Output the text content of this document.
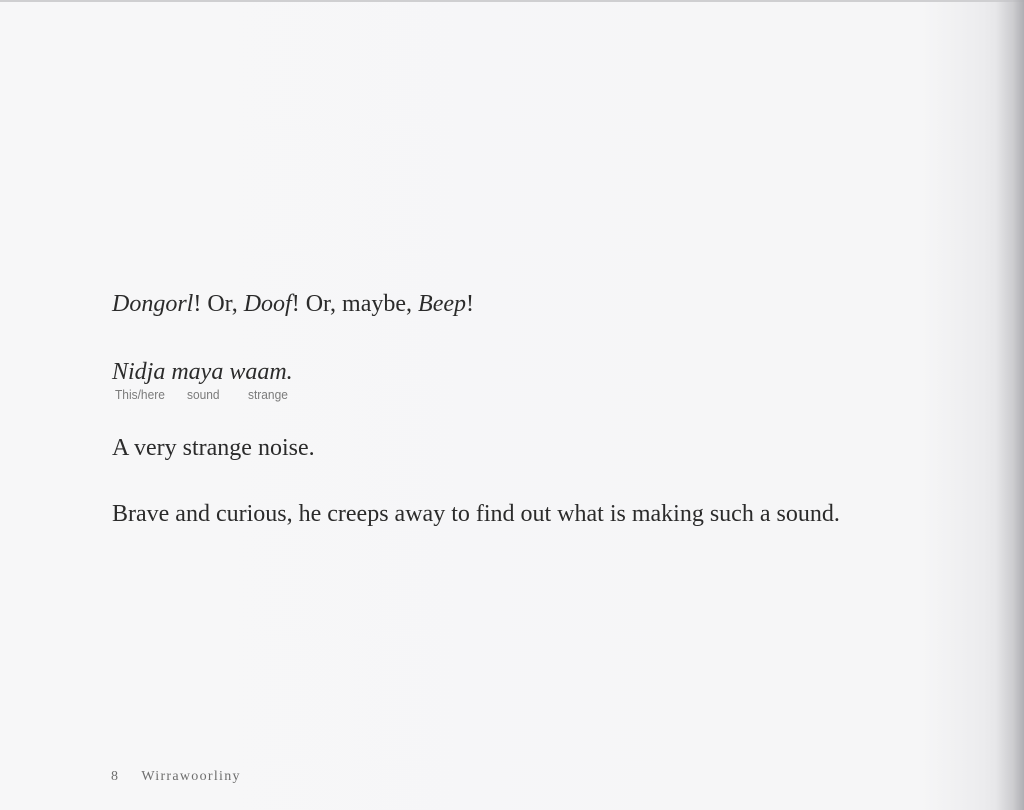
Dongorl! Or, Doof! Or, maybe, Beep!
Nidja maya waam.
This/here sound strange
A very strange noise.
Brave and curious, he creeps away to find out what is making such a sound.
8 Wirrawoorliny
